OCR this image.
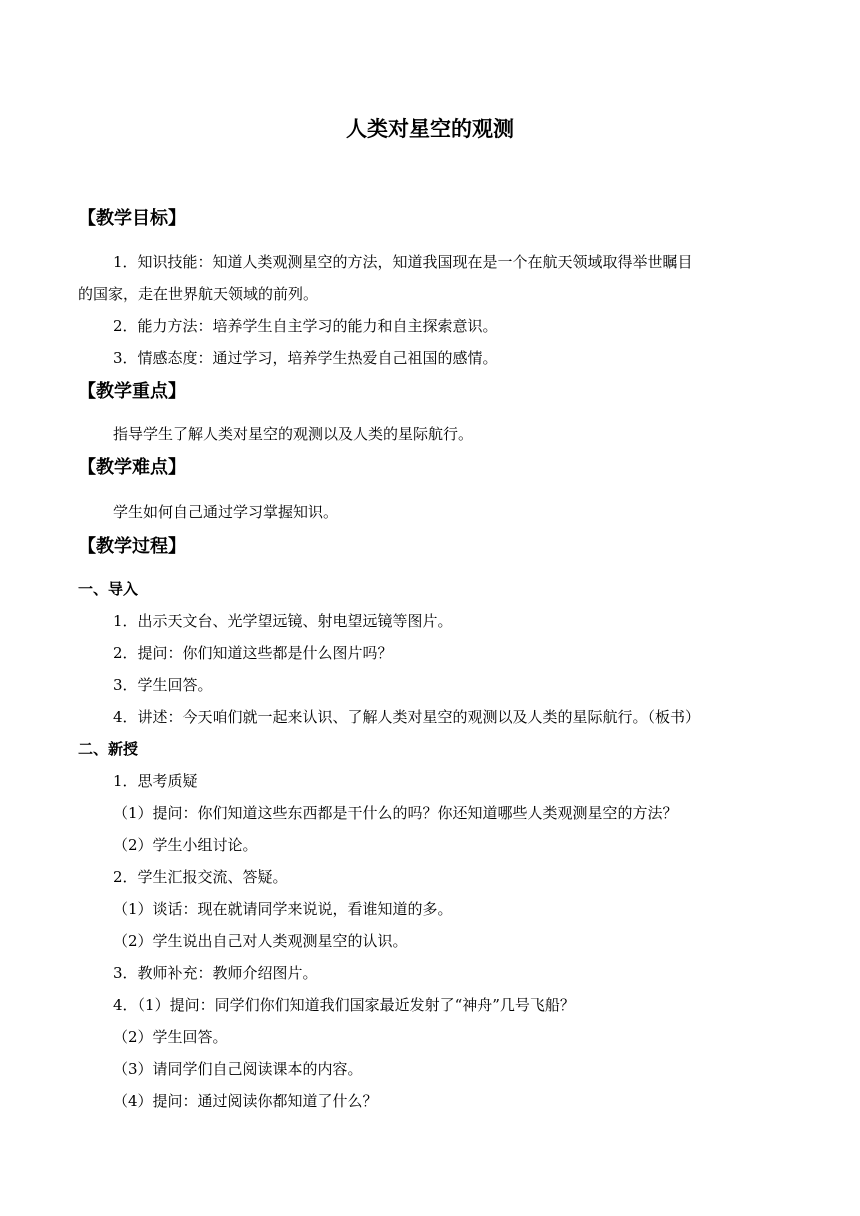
人类对星空的观测
【教学目标】
1．知识技能：知道人类观测星空的方法，知道我国现在是一个在航天领域取得举世瞩目
的国家，走在世界航天领域的前列。
2．能力方法：培养学生自主学习的能力和自主探索意识。
3．情感态度：通过学习，培养学生热爱自己祖国的感情。
【教学重点】
指导学生了解人类对星空的观测以及人类的星际航行。
【教学难点】
学生如何自己通过学习掌握知识。
【教学过程】
一、导入
1．出示天文台、光学望远镜、射电望远镜等图片。
2．提问：你们知道这些都是什么图片吗？
3．学生回答。
4．讲述：今天咱们就一起来认识、了解人类对星空的观测以及人类的星际航行。（板书）
二、新授
1．思考质疑
（1）提问：你们知道这些东西都是干什么的吗？你还知道哪些人类观测星空的方法？
（2）学生小组讨论。
2．学生汇报交流、答疑。
（1）谈话：现在就请同学来说说，看谁知道的多。
（2）学生说出自己对人类观测星空的认识。
3．教师补充：教师介绍图片。
4．（1）提问：同学们你们知道我们国家最近发射了“神舟”几号飞船？
（2）学生回答。
（3）请同学们自己阅读课本的内容。
（4）提问：通过阅读你都知道了什么？
